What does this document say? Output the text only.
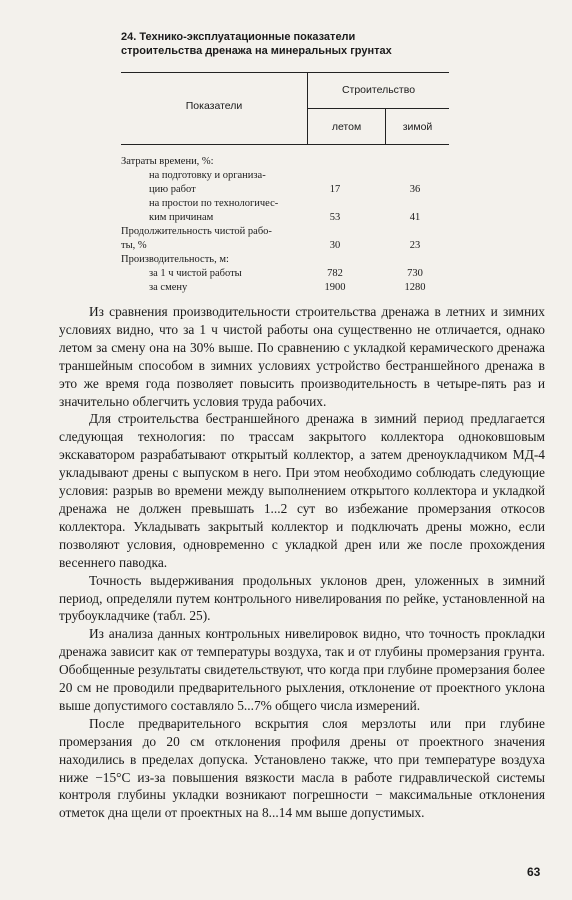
24. Технико-эксплуатационные показатели
строительства дренажа на минеральных грунтах
Показатели
Строительство
летом	зимой
Затраты времени, %:
на подготовку и организа-
цию работ	17	36
на простои по технологичес-
ким причинам	53	41
Продолжительность чистой рабо-
ты, %	30	23
Производительность, м:
за 1 ч чистой работы	782	730
за смену	1900	1280

Из сравнения производительности строительства дренажа в летних и зимних условиях видно, что за 1 ч чистой работы она существенно не отличается, однако летом за смену она на 30% выше. По сравнению с укладкой керамического дренажа траншейным способом в зимних условиях устройство бестраншейного дренажа в это же время года позволяет повысить производительность в четыре-пять раз и значительно облегчить условия труда рабочих.

Для строительства бестраншейного дренажа в зимний период предлагается следующая технология: по трассам закрытого коллектора одноковшовым экскаватором разрабатывают открытый коллектор, а затем дреноукладчиком МД-4 укладывают дрены с выпуском в него. При этом необходимо соблюдать следующие условия: разрыв во времени между выполнением открытого коллектора и укладкой дренажа не должен превышать 1...2 сут во избежание промерзания откосов коллектора. Укладывать закрытый коллектор и подключать дрены можно, если позволяют условия, одновременно с укладкой дрен или же после прохождения весеннего паводка.

Точность выдерживания продольных уклонов дрен, уложенных в зимний период, определяли путем контрольного нивелирования по рейке, установленной на трубоукладчике (табл. 25).

Из анализа данных контрольных нивелировок видно, что точность прокладки дренажа зависит как от температуры воздуха, так и от глубины промерзания грунта. Обобщенные результаты свидетельствуют, что когда при глубине промерзания более 20 см не проводили предварительного рыхления, отклонение от проектного уклона выше допустимого составляло 5...7% общего числа измерений.

После предварительного вскрытия слоя мерзлоты или при глубине промерзания до 20 см отклонения профиля дрены от проектного значения находились в пределах допуска. Установлено также, что при температуре воздуха ниже −15°С из-за повышения вязкости масла в работе гидравлической системы контроля глубины укладки возникают погрешности − максимальные отклонения отметок дна щели от проектных на 8...14 мм выше допустимых.

63
